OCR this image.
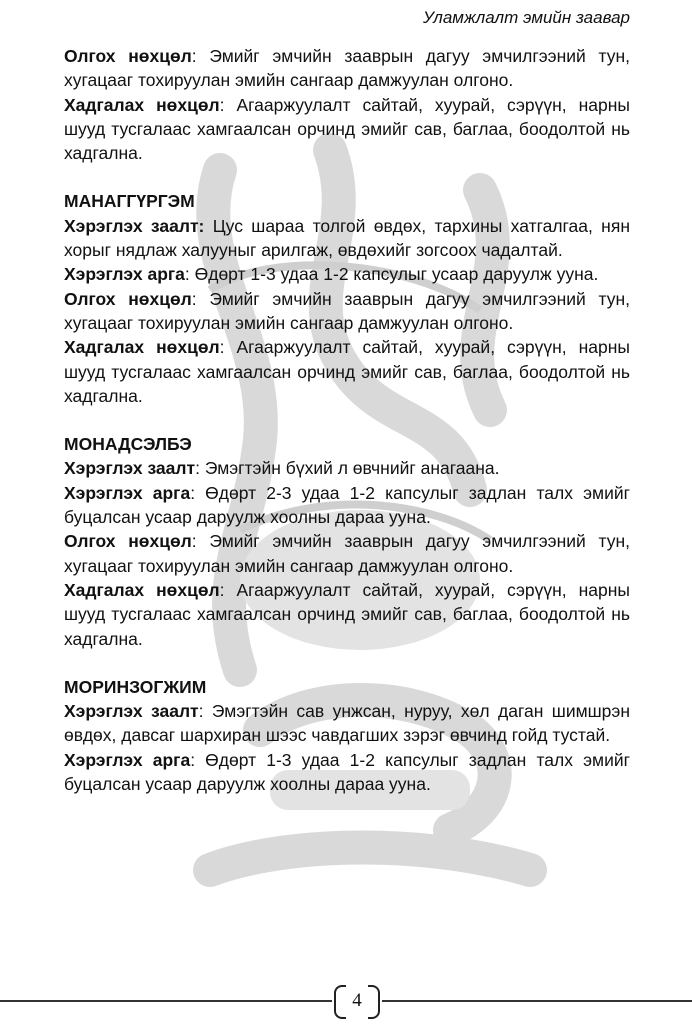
Уламжлалт эмийн заавар

Олгох нөхцөл: Эмийг эмчийн зааврын дагуу эмчилгээний тун, хугацааг тохируулан эмийн сангаар дамжуулан олгоно.

Хадгалах нөхцөл: Агааржуулалт сайтай, хуурай, сэрүүн, нарны шууд тусгалаас хамгаалсан орчинд эмийг сав, баглаа, боодолтой нь хадгална.

МАНАГГҮРГЭМ

Хэрэглэх заалт: Цус шараа толгой өвдөх, тархины хатгалгаа, нян хорыг нядлаж халууныг арилгаж, өвдөхийг зогсоох чадалтай.

Хэрэглэх арга: Өдөрт 1-3 удаа 1-2 капсулыг усаар даруулж ууна.

Олгох нөхцөл: Эмийг эмчийн зааврын дагуу эмчилгээний тун, хугацааг тохируулан эмийн сангаар дамжуулан олгоно.

Хадгалах нөхцөл: Агааржуулалт сайтай, хуурай, сэрүүн, нарны шууд тусгалаас хамгаалсан орчинд эмийг сав, баглаа, боодолтой нь хадгална.

МОНАДСЭЛБЭ

Хэрэглэх заалт: Эмэгтэйн бүхий л өвчнийг анагаана.

Хэрэглэх арга: Өдөрт 2-3 удаа 1-2 капсулыг задлан талх эмийг буцалсан усаар даруулж хоолны дараа ууна.

Олгох нөхцөл: Эмийг эмчийн зааврын дагуу эмчилгээний тун, хугацааг тохируулан эмийн сангаар дамжуулан олгоно.

Хадгалах нөхцөл: Агааржуулалт сайтай, хуурай, сэрүүн, нарны шууд тусгалаас хамгаалсан орчинд эмийг сав, баглаа, боодолтой нь хадгална.

МОРИНЗОГЖИМ

Хэрэглэх заалт: Эмэгтэйн сав унжсан, нуруу, хөл даган шимшрэн өвдөх, давсаг шархиран шээс чавдагших зэрэг өвчинд гойд тустай.

Хэрэглэх арга: Өдөрт 1-3 удаа 1-2 капсулыг задлан талх эмийг буцалсан усаар даруулж хоолны дараа ууна.

4
